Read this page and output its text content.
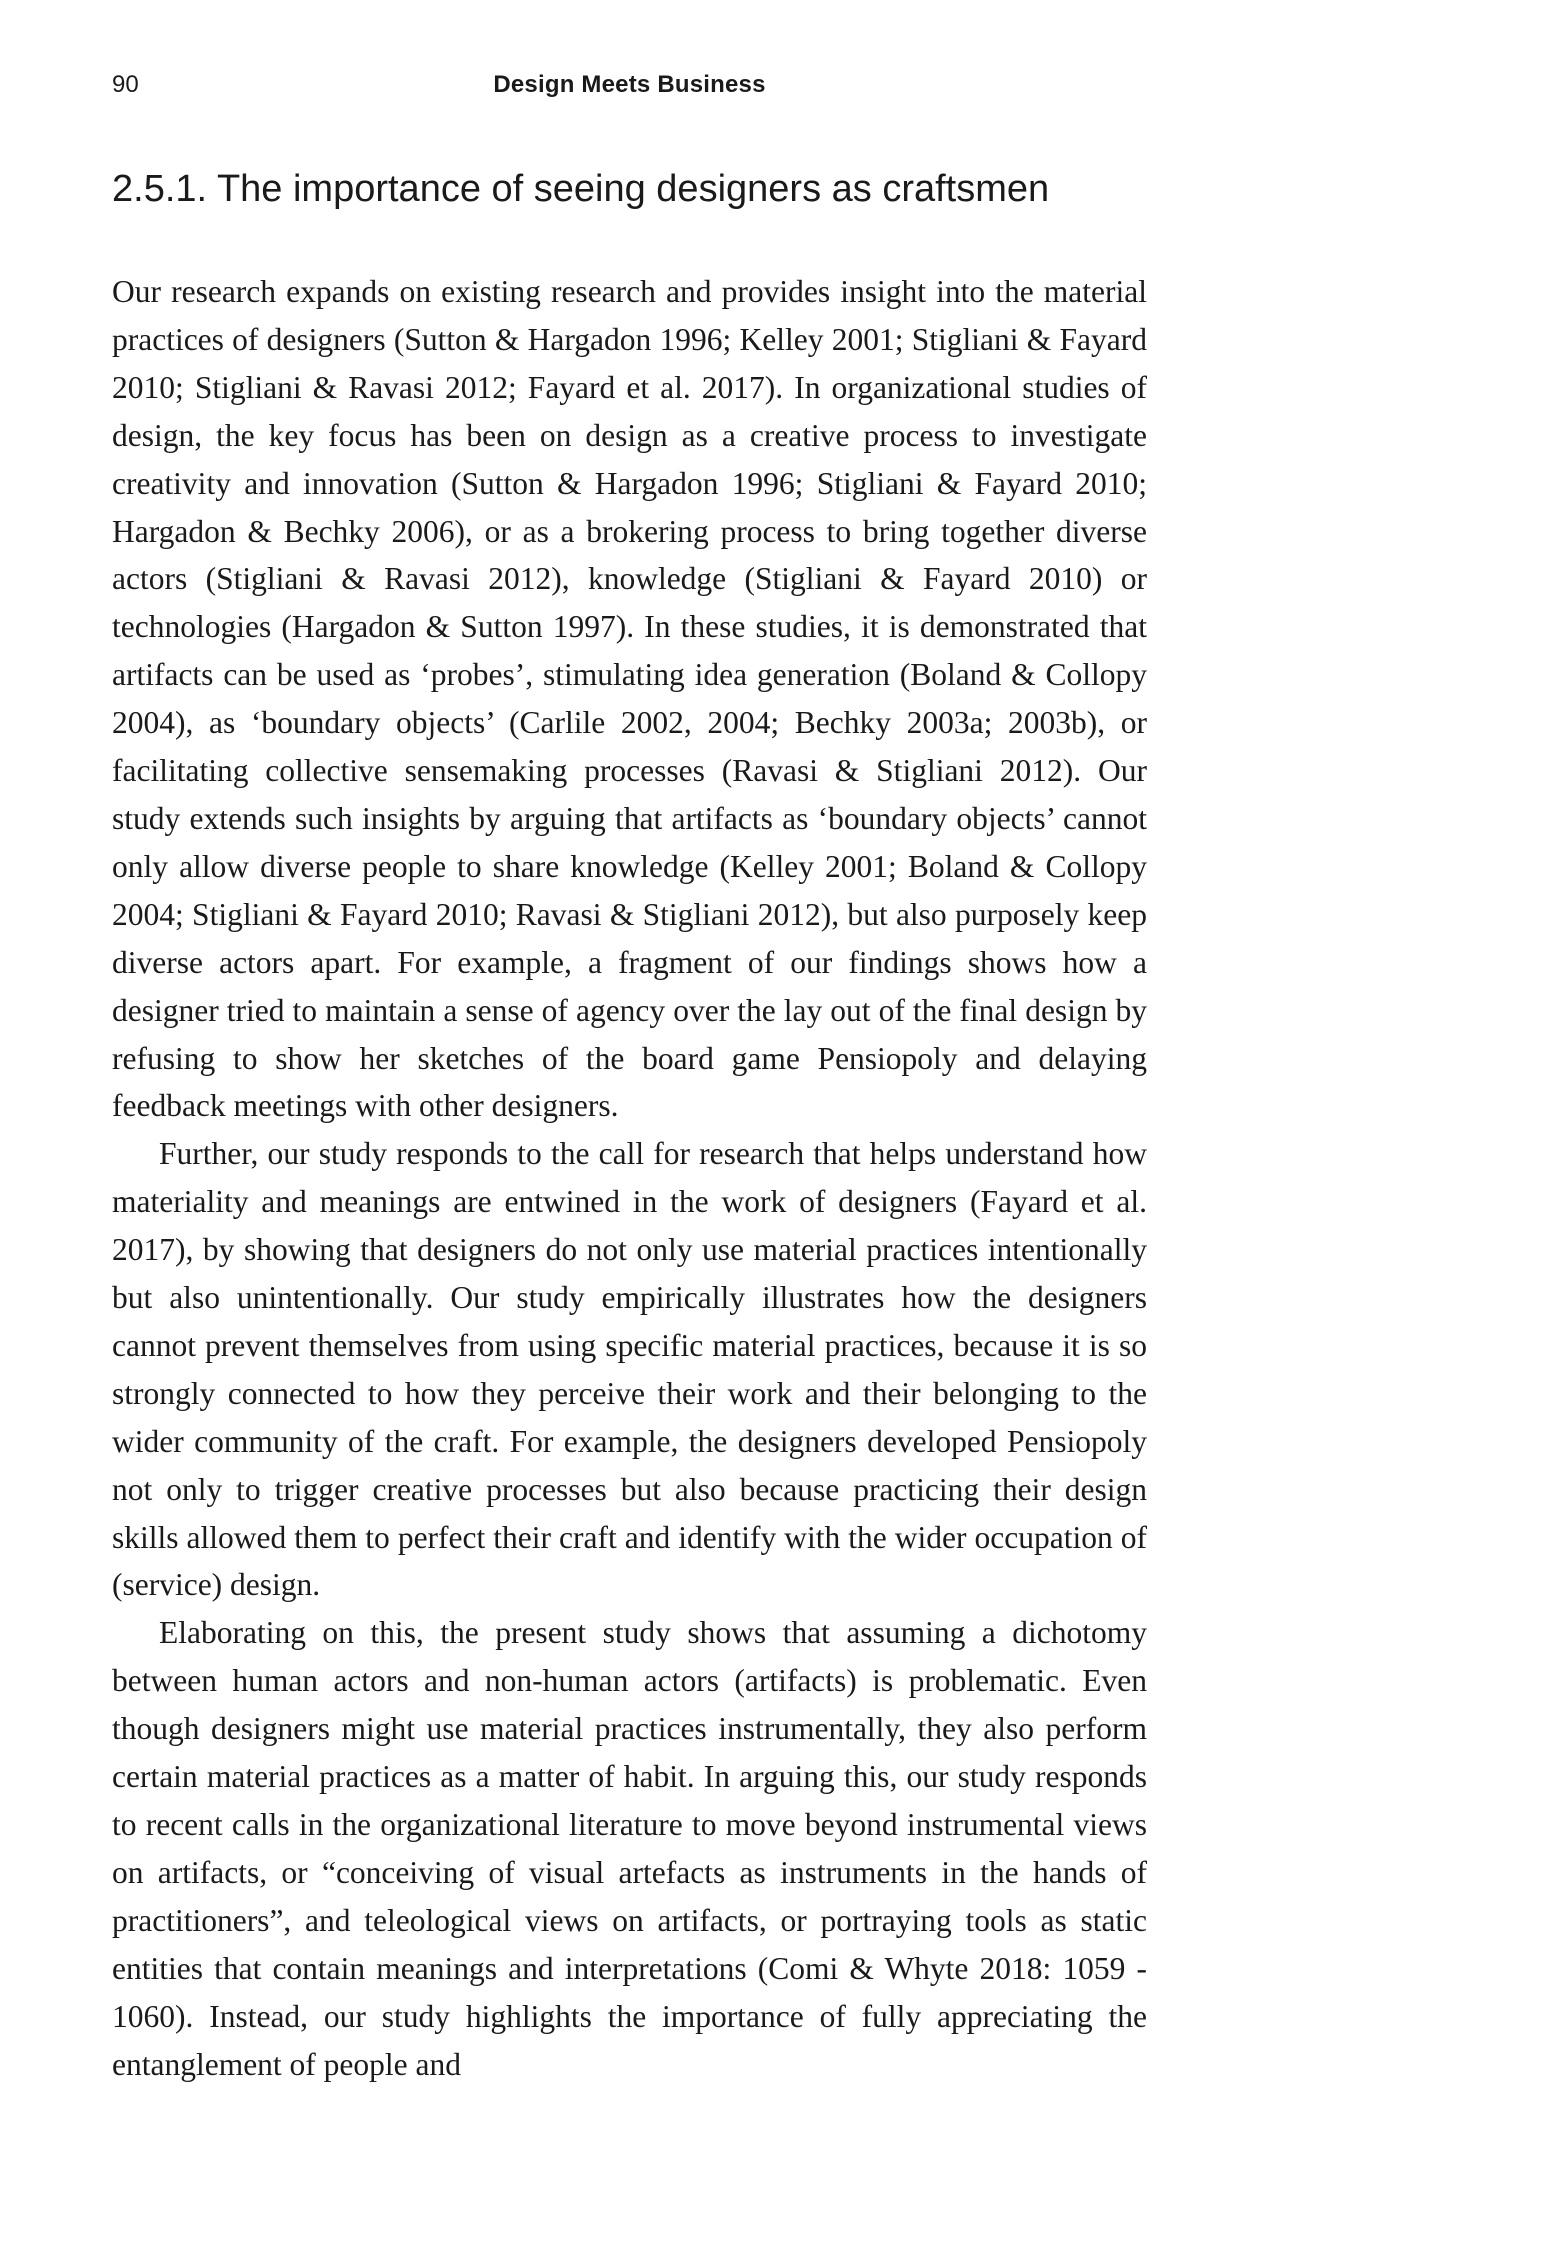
90	Design Meets Business
2.5.1. The importance of seeing designers as craftsmen

Our research expands on existing research and provides insight into the material practices of designers (Sutton & Hargadon 1996; Kelley 2001; Stigliani & Fayard 2010; Stigliani & Ravasi 2012; Fayard et al. 2017). In organizational studies of design, the key focus has been on design as a creative process to investigate creativity and innovation (Sutton & Hargadon 1996; Stigliani & Fayard 2010; Hargadon & Bechky 2006), or as a brokering process to bring together diverse actors (Stigliani & Ravasi 2012), knowledge (Stigliani & Fayard 2010) or technologies (Hargadon & Sutton 1997). In these studies, it is demonstrated that artifacts can be used as ‘probes’, stimulating idea generation (Boland & Collopy 2004), as ‘boundary objects’ (Carlile 2002, 2004; Bechky 2003a; 2003b), or facilitating collective sensemaking processes (Ravasi & Stigliani 2012). Our study extends such insights by arguing that artifacts as ‘boundary objects’ cannot only allow diverse people to share knowledge (Kelley 2001; Boland & Collopy 2004; Stigliani & Fayard 2010; Ravasi & Stigliani 2012), but also purposely keep diverse actors apart. For example, a fragment of our findings shows how a designer tried to maintain a sense of agency over the lay out of the final design by refusing to show her sketches of the board game Pensiopoly and delaying feedback meetings with other designers.

Further, our study responds to the call for research that helps understand how materiality and meanings are entwined in the work of designers (Fayard et al. 2017), by showing that designers do not only use material practices intentionally but also unintentionally. Our study empirically illustrates how the designers cannot prevent themselves from using specific material practices, because it is so strongly connected to how they perceive their work and their belonging to the wider community of the craft. For example, the designers developed Pensiopoly not only to trigger creative processes but also because practicing their design skills allowed them to perfect their craft and identify with the wider occupation of (service) design.

Elaborating on this, the present study shows that assuming a dichotomy between human actors and non-human actors (artifacts) is problematic. Even though designers might use material practices instrumentally, they also perform certain material practices as a matter of habit. In arguing this, our study responds to recent calls in the organizational literature to move beyond instrumental views on artifacts, or “conceiving of visual artefacts as instruments in the hands of practitioners”, and teleological views on artifacts, or portraying tools as static entities that contain meanings and interpretations (Comi & Whyte 2018: 1059 - 1060). Instead, our study highlights the importance of fully appreciating the entanglement of people and
